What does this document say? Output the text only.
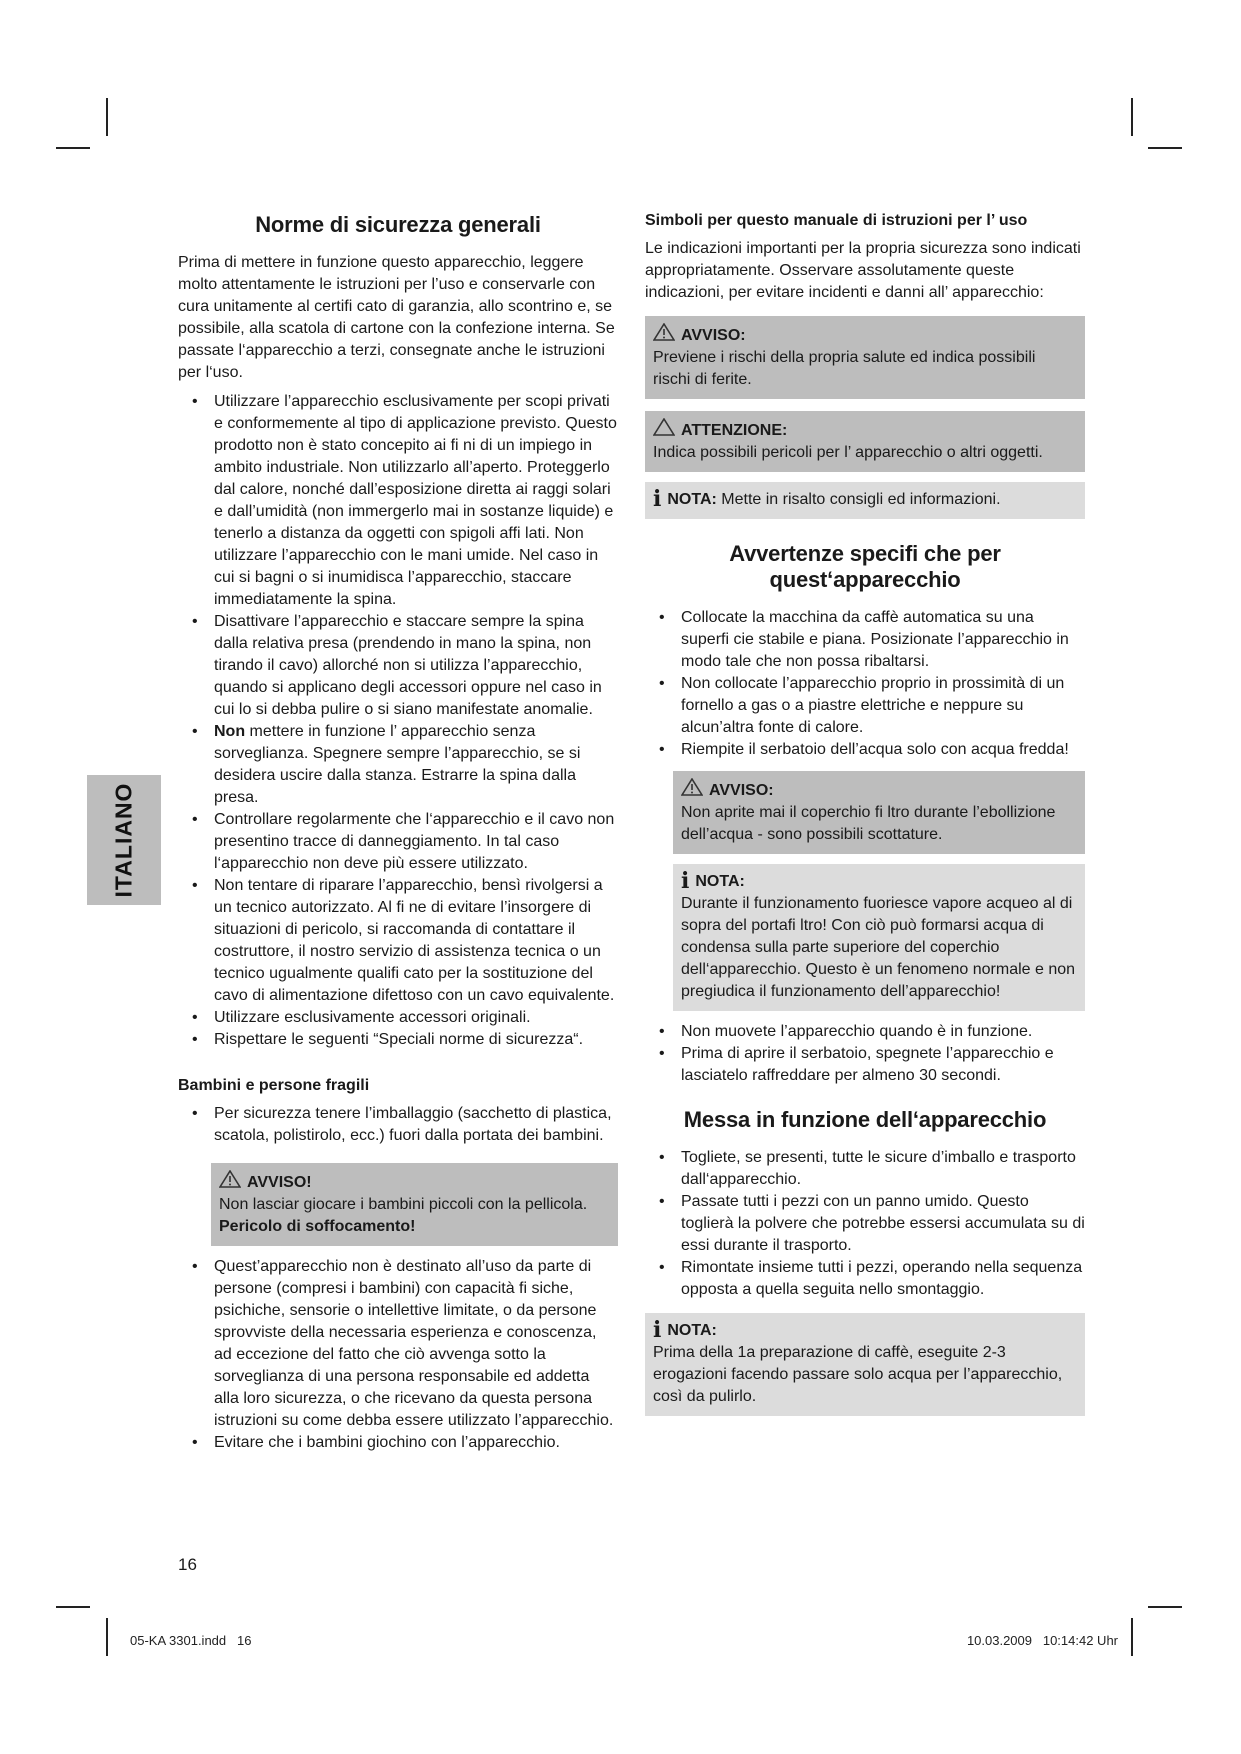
ITALIANO
Norme di sicurezza generali

Prima di mettere in funzione questo apparecchio, leggere molto attentamente le istruzioni per l’uso e conservarle con cura unitamente al certifi cato di garanzia, allo scontrino e, se possibile, alla scatola di cartone con la confezione interna. Se passate l‘apparecchio a terzi, consegnate anche le istruzioni per l‘uso.

• Utilizzare l’apparecchio esclusivamente per scopi privati e conformemente al tipo di applicazione previsto. Questo prodotto non è stato concepito ai fi ni di un impiego in ambito industriale. Non utilizzarlo all’aperto. Proteggerlo dal calore, nonché dall’esposizione diretta ai raggi solari e dall’umidità (non immergerlo mai in sostanze liquide) e tenerlo a distanza da oggetti con spigoli affi lati. Non utilizzare l’apparecchio con le mani umide. Nel caso in cui si bagni o si inumidisca l’apparecchio, staccare immediatamente la spina.
• Disattivare l’apparecchio e staccare sempre la spina dalla relativa presa (prendendo in mano la spina, non tirando il cavo) allorché non si utilizza l’apparecchio, quando si applicano degli accessori oppure nel caso in cui lo si debba pulire o si siano manifestate anomalie.
• Non mettere in funzione l’ apparecchio senza sorveglianza. Spegnere sempre l’apparecchio, se si desidera uscire dalla stanza. Estrarre la spina dalla presa.
• Controllare regolarmente che l‘apparecchio e il cavo non presentino tracce di danneggiamento. In tal caso l‘apparecchio non deve più essere utilizzato.
• Non tentare di riparare l’apparecchio, bensì rivolgersi a un tecnico autorizzato. Al fi ne di evitare l’insorgere di situazioni di pericolo, si raccomanda di contattare il costruttore, il nostro servizio di assistenza tecnica o un tecnico ugualmente qualifi cato per la sostituzione del cavo di alimentazione difettoso con un cavo equivalente.
• Utilizzare esclusivamente accessori originali.
• Rispettare le seguenti “Speciali norme di sicurezza“.
Bambini e persone fragili
• Per sicurezza tenere l’imballaggio (sacchetto di plastica, scatola, polistirolo, ecc.) fuori dalla portata dei bambini.
AVVISO!
Non lasciar giocare i bambini piccoli con la pellicola.
Pericolo di soffocamento!
• Quest’apparecchio non è destinato all’uso da parte di persone (compresi i bambini) con capacità fi siche, psichiche, sensorie o intellettive limitate, o da persone sprovviste della necessaria esperienza e conoscenza, ad eccezione del fatto che ciò avvenga sotto la sorveglianza di una persona responsabile ed addetta alla loro sicurezza, o che ricevano da questa persona istruzioni su come debba essere utilizzato l’apparecchio.
• Evitare che i bambini giochino con l’apparecchio.
Simboli per questo manuale di istruzioni per l’ uso

Le indicazioni importanti per la propria sicurezza sono indicati appropriatamente. Osservare assolutamente queste indicazioni, per evitare incidenti e danni all’ apparecchio:

AVVISO:
Previene i rischi della propria salute ed indica possibili rischi di ferite.
ATTENZIONE:
Indica possibili pericoli per l’ apparecchio o altri oggetti.
i NOTA: Mette in risalto consigli ed informazioni.
Avvertenze specifi che per quest‘apparecchio
• Collocate la macchina da caffè automatica su una superfi cie stabile e piana. Posizionate l’apparecchio in modo tale che non possa ribaltarsi.
• Non collocate l’apparecchio proprio in prossimità di un fornello a gas o a piastre elettriche e neppure su alcun’altra fonte di calore.
• Riempite il serbatoio dell’acqua solo con acqua fredda!
AVVISO:
Non aprite mai il coperchio fi ltro durante l’ebollizione dell’acqua - sono possibili scottature.
i NOTA:
Durante il funzionamento fuoriesce vapore acqueo al di sopra del portafi ltro! Con ciò può formarsi acqua di condensa sulla parte superiore del coperchio dell‘apparecchio. Questo è un fenomeno normale e non pregiudica il funzionamento dell’apparecchio!
• Non muovete l’apparecchio quando è in funzione.
• Prima di aprire il serbatoio, spegnete l’apparecchio e lasciatelo raffreddare per almeno 30 secondi.
Messa in funzione dell‘apparecchio
• Togliete, se presenti, tutte le sicure d’imballo e trasporto dall‘apparecchio.
• Passate tutti i pezzi con un panno umido. Questo toglierà la polvere che potrebbe essersi accumulata su di essi durante il trasporto.
• Rimontate insieme tutti i pezzi, operando nella sequenza opposta a quella seguita nello smontaggio.
i NOTA:
Prima della 1a preparazione di caffè, eseguite 2-3 erogazioni facendo passare solo acqua per l’apparecchio, così da pulirlo.
16
05-KA 3301.indd   16	10.03.2009   10:14:42 Uhr
